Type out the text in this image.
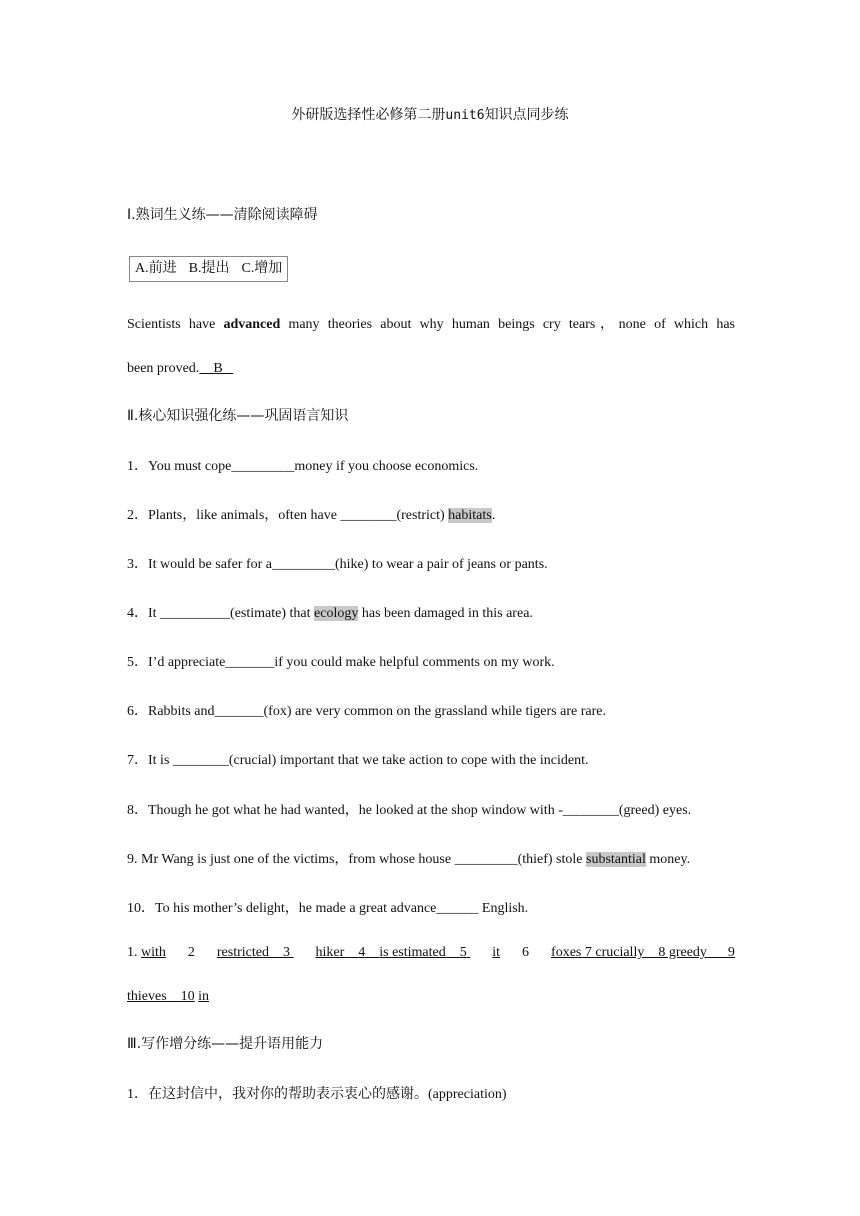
外研版选择性必修第二册unit6知识点同步练
Ⅰ.熟词生义练——清除阅读障碍
A.前进 B.提出 C.增加
Scientists have advanced many theories about why human beings cry tears，none of which has
been proved. B
Ⅱ.核心知识强化练——巩固语言知识
1．You must cope_________money if you choose economics.
2．Plants，like animals，often have ________(restrict) habitats.
3．It would be safer for a_________(hike) to wear a pair of jeans or pants.
4．It __________(estimate) that ecology has been damaged in this area.
5．I’d appreciate_______if you could make helpful comments on my work.
6．Rabbits and_______(fox) are very common on the grassland while tigers are rare.
7．It is ________(crucial) important that we take action to cope with the incident.
8．Though he got what he had wanted，he looked at the shop window with -________(greed) eyes.
9. Mr Wang is just one of the victims，from whose house _________(thief) stole substantial money.
10．To his mother’s delight，he made a great advance______ English.
1. with 2 restricted 3 hiker 4 is estimated 5 it 6 foxes 7 crucially 8 greedy 9
thieves 10 in
Ⅲ.写作增分练——提升语用能力
1．在这封信中，我对你的帮助表示衷心的感谢。(appreciation)
